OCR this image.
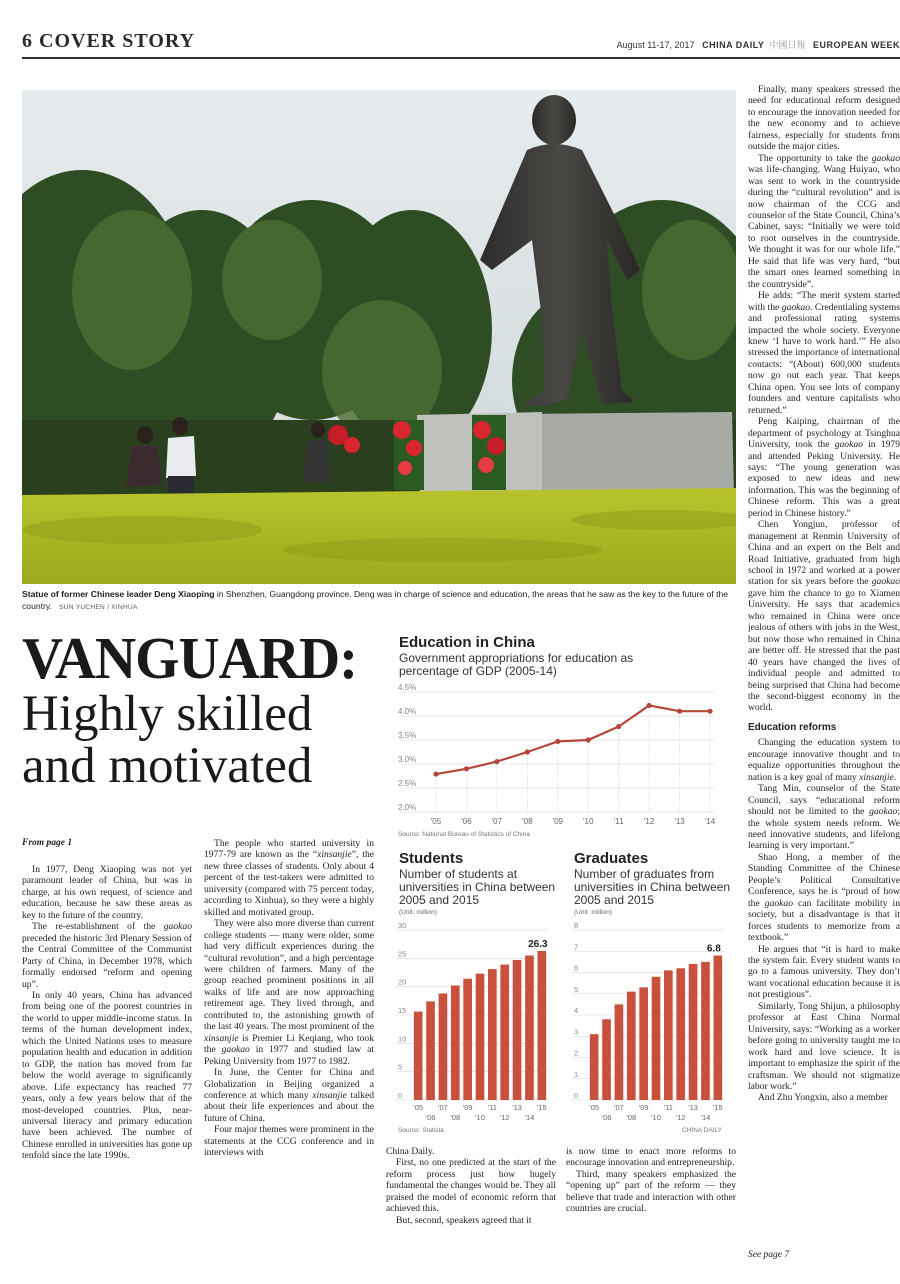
6 COVER STORY	August 11-17, 2017 CHINA DAILY 中國日報 EUROPEAN WEEK
Statue of former Chinese leader Deng Xiaoping in Shenzhen, Guangdong province. Deng was in charge of science and education, the areas that he saw as the key to the future of the country. SUN YUCHEN / XINHUA
VANGUARD:
Highly skilled and motivated
Education in China
Government appropriations for education as percentage of GDP (2005-14)
2.0%
2.5%
3.0%
3.5%
4.0%
4.5%
'05	'06	'07	'08	'09	'10	'11	'12	'13	'14
Source: National Bureau of Statistics of China
Students
Number of students at universities in China between 2005 and 2015
(Unit: million)
0
5
10
15
20
25
30
26.3
'05 '07 '09 '11 '13 '15
'06 '08 '10 '12 '14
Source: Statista
Graduates
Number of graduates from universities in China between 2005 and 2015
(Unit: million)
0
1
2
3
4
5
6
7
8
6.8
'05 '07 '09 '11 '13 '15
'06 '08 '10 '12 '14
CHINA DAILY
From page 1

In 1977, Deng Xiaoping was not yet paramount leader of China, but was in charge, at his own request, of science and education, because he saw these areas as key to the future of the country.

The re-establishment of the gaokao preceded the historic 3rd Plenary Session of the Central Committee of the Communist Party of China, in December 1978, which formally endorsed “reform and opening up”.

In only 40 years, China has advanced from being one of the poorest countries in the world to upper middle-income status. In terms of the human development index, which the United Nations uses to measure population health and education in addition to GDP, the nation has moved from far below the world average to significantly above. Life expectancy has reached 77 years, only a few years below that of the most-developed countries. Plus, near-universal literacy and primary education have been achieved. The number of Chinese enrolled in universities has gone up tenfold since the late 1990s.

The people who started university in 1977-79 are known as the “xinsanjie”, the new three classes of students. Only about 4 percent of the test-takers were admitted to university (compared with 75 percent today, according to Xinhua), so they were a highly skilled and motivated group.

They were also more diverse than current college students — many were older, some had very difficult experiences during the “cultural revolution”, and a high percentage were children of farmers. Many of the group reached prominent positions in all walks of life and are now approaching retirement age. They lived through, and contributed to, the astonishing growth of the last 40 years. The most prominent of the xinsanjie is Premier Li Keqiang, who took the gaokao in 1977 and studied law at Peking University from 1977 to 1982.

In June, the Center for China and Globalization in Beijing organized a conference at which many xinsanjie talked about their life experiences and about the future of China.

Four major themes were prominent in the statements at the CCG conference and in interviews with	China Daily.

First, no one predicted at the start of the reform process just how hugely fundamental the changes would be. They all praised the model of economic reform that achieved this.

But, second, speakers agreed that it

is now time to enact more reforms to encourage innovation and entrepreneurship.

Third, many speakers emphasized the “opening up” part of the reform — they believe that trade and interaction with other countries are crucial.

Finally, many speakers stressed the need for educational reform designed to encourage the innovation needed for the new economy and to achieve fairness, especially for students from outside the major cities.

The opportunity to take the gaokao was life-changing. Wang Huiyao, who was sent to work in the countryside during the “cultural revolution” and is now chairman of the CCG and counselor of the State Council, China’s Cabinet, says: “Initially we were told to root ourselves in the countryside. We thought it was for our whole life.” He said that life was very hard, “but the smart ones learned something in the countryside”.

He adds: “The merit system started with the gaokao. Credentialing systems and professional rating systems impacted the whole society. Everyone knew ‘I have to work hard.’” He also stressed the importance of international contacts: “(About) 600,000 students now go out each year. That keeps China open. You see lots of company founders and venture capitalists who returned.”

Peng Kaiping, chairman of the department of psychology at Tsinghua University, took the gaokao in 1979 and attended Peking University. He says: “The young generation was exposed to new ideas and new information. This was the beginning of Chinese reform. This was a great period in Chinese history.”

Chen Yongjun, professor of management at Renmin University of China and an expert on the Belt and Road Initiative, graduated from high school in 1972 and worked at a power station for six years before the gaokao gave him the chance to go to Xiamen University. He says that academics who remained in China were once jealous of others with jobs in the West, but now those who remained in China are better off. He stressed that the past 40 years have changed the lives of individual people and admitted to being surprised that China had become the second-biggest economy in the world.

Education reforms

Changing the education system to encourage innovative thought and to equalize opportunities throughout the nation is a key goal of many xinsanjie.

Tang Min, counselor of the State Council, says “educational reform should not be limited to the gaokao; the whole system needs reform. We need innovative students, and lifelong learning is very important.”

Shao Hong, a member of the Standing Committee of the Chinese People’s Political Consultative Conference, says he is “proud of how the gaokao can facilitate mobility in society, but a disadvantage is that it forces students to memorize from a textbook.”

He argues that “it is hard to make the system fair. Every student wants to go to a famous university. They don’t want vocational education because it is not prestigious”.

Similarly, Tong Shijun, a philosophy professor at East China Normal University, says: “Working as a worker before going to university taught me to work hard and love science. It is important to emphasize the spirit of the craftsman. We should not stigmatize labor work.”

And Zhu Yongxin, also a member

See page 7
